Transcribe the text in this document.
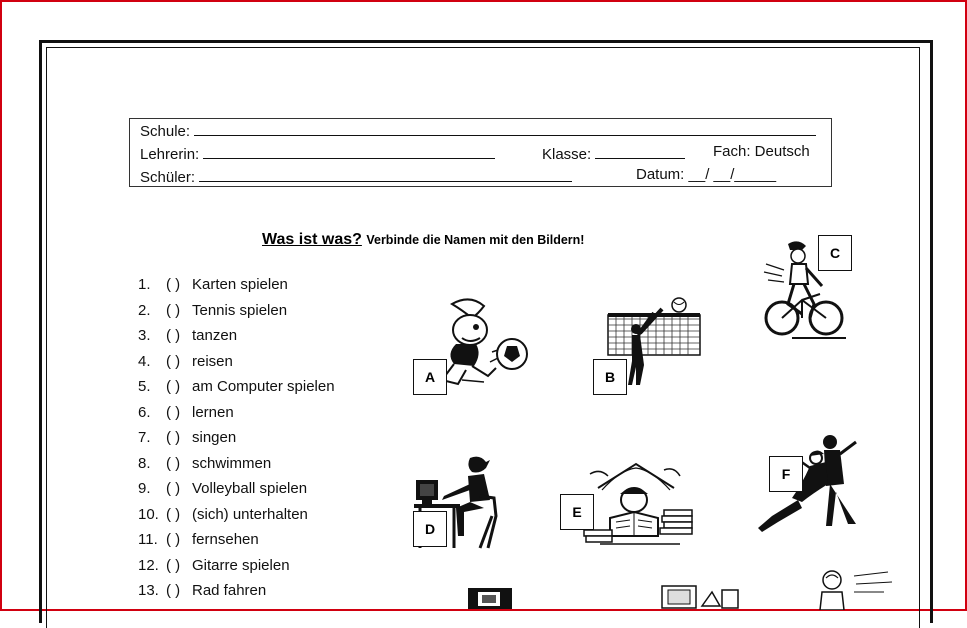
Schule:
Lehrerin:	Klasse:	Fach: Deutsch
Schüler:	Datum: __/ __/_____
Was ist was? Verbinde die Namen mit den Bildern!
1. ( ) Karten spielen
2. ( ) Tennis spielen
3. ( ) tanzen
4. ( ) reisen
5. ( ) am Computer spielen
6. ( ) lernen
7. ( ) singen
8. ( ) schwimmen
9. ( ) Volleyball spielen
10. ( ) (sich) unterhalten
11. ( ) fernsehen
12. ( ) Gitarre spielen
13. ( ) Rad fahren
A	B
C
D
E
F
